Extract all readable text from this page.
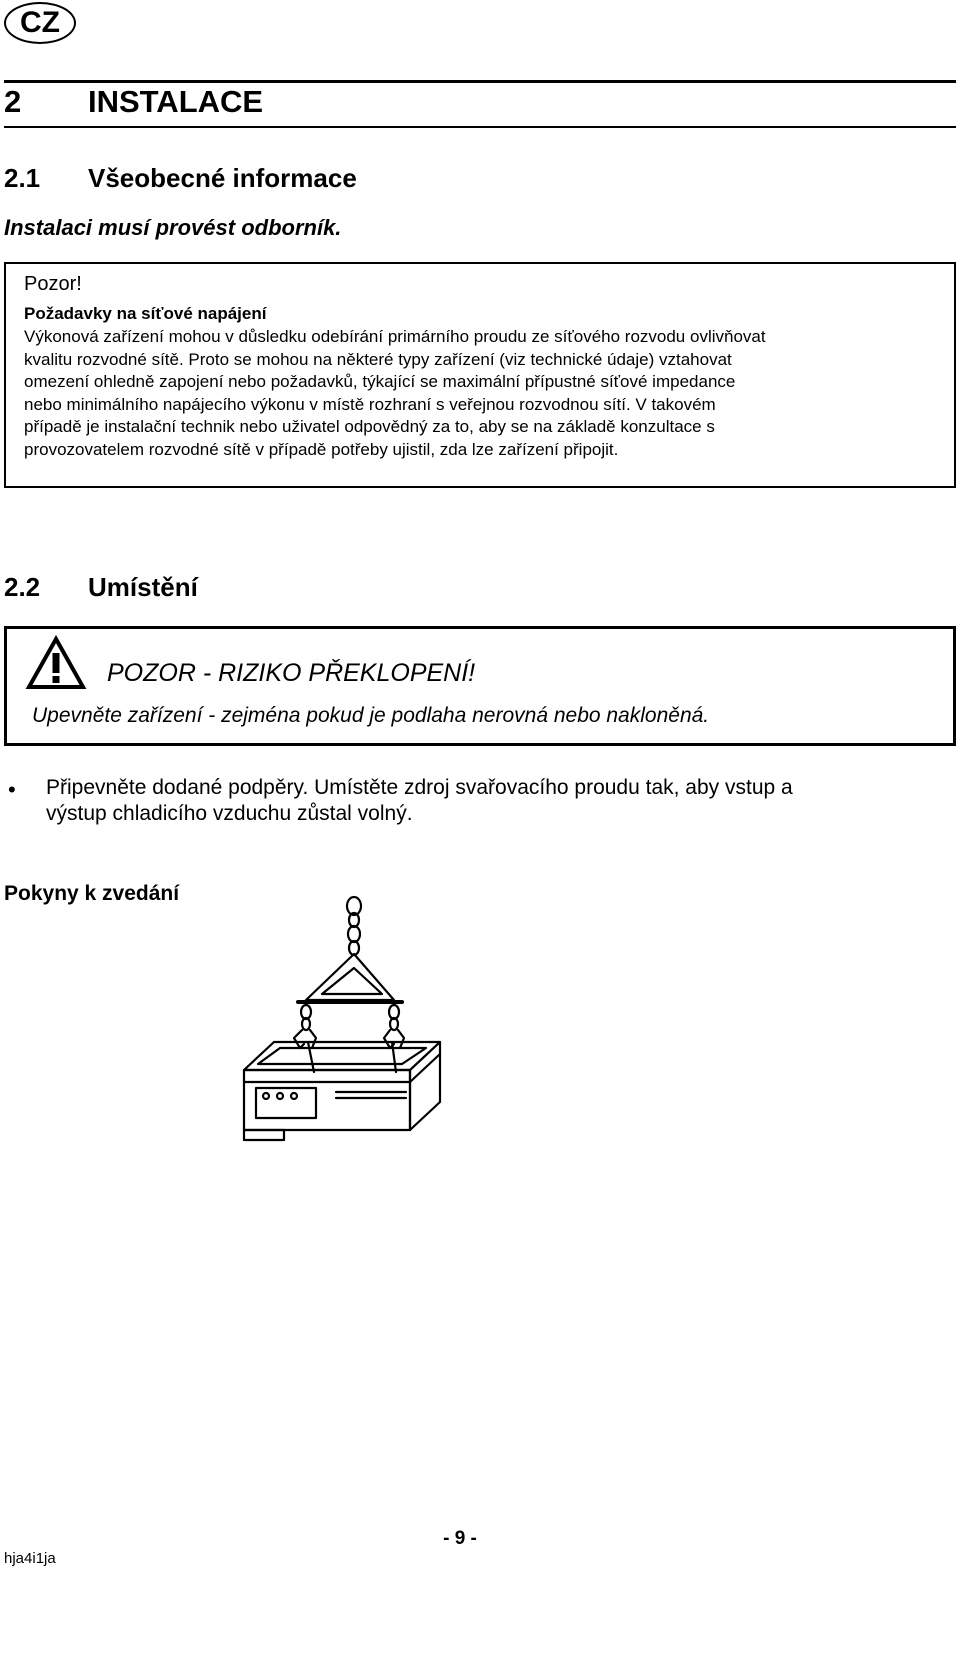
CZ
2 INSTALACE
2.1 Všeobecné informace
Instalaci musí provést odborník.
Pozor!
Požadavky na síťové napájení
Výkonová zařízení mohou v důsledku odebírání primárního proudu ze síťového rozvodu ovlivňovat
kvalitu rozvodné sítě. Proto se mohou na některé typy zařízení (viz technické údaje) vztahovat
omezení ohledně zapojení nebo požadavků, týkající se maximální přípustné síťové impedance
nebo minimálního napájecího výkonu v místě rozhraní s veřejnou rozvodnou sítí. V takovém
případě je instalační technik nebo uživatel odpovědný za to, aby se na základě konzultace s
provozovatelem rozvodné sítě v případě potřeby ujistil, zda lze zařízení připojit.
2.2 Umístění
POZOR - RIZIKO PŘEKLOPENÍ!
Upevněte zařízení - zejména pokud je podlaha nerovná nebo nakloněná.
• Připevněte dodané podpěry. Umístěte zdroj svařovacího proudu tak, aby vstup a
výstup chladicího vzduchu zůstal volný.
Pokyny k zvedání
- 9 -
hja4i1ja
